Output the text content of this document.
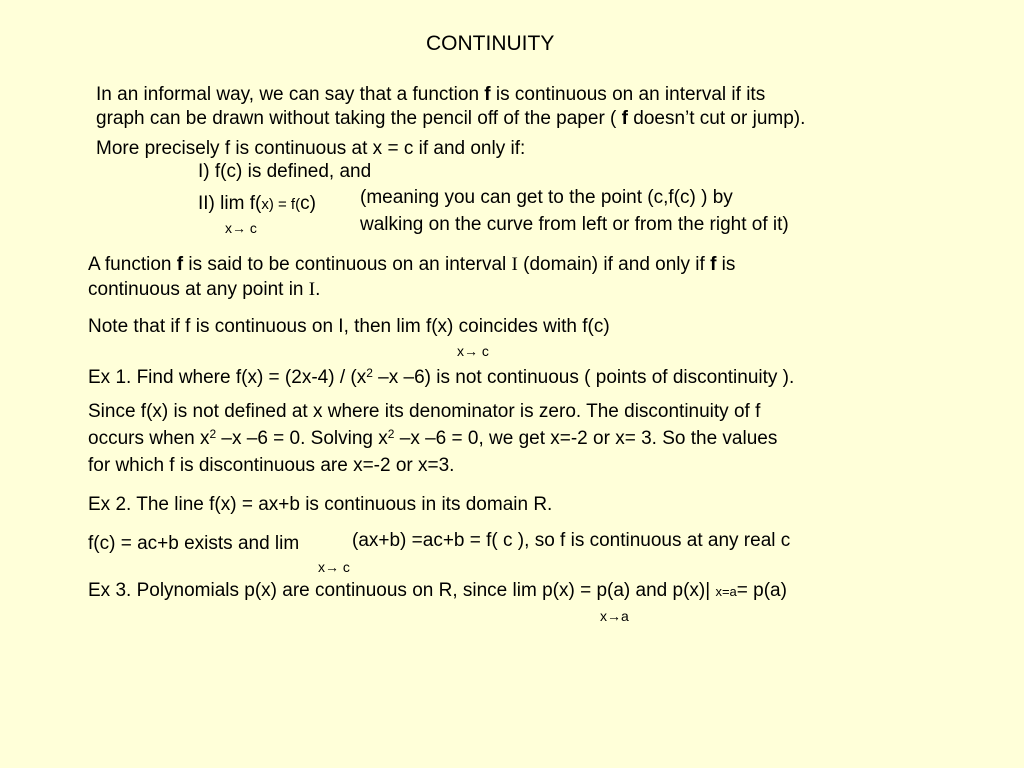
CONTINUITY
In an informal way, we can say that a function f is continuous on an interval if its
graph can be drawn without taking the pencil off of the paper ( f doesn’t cut or jump).
More precisely f is continuous at x = c if and only if:
I) f(c) is defined, and
II) lim f(x) = f(c)
x→ c
(meaning you can get to the point (c,f(c) ) by
walking on the curve from left or from the right of it)
A function f is said to be continuous on an interval I (domain) if and only if f is
continuous at any point in I.
Note that if f is continuous on I, then lim f(x) coincides with f(c)
x→ c
Ex 1. Find where $f(x) = (2x-4) / (x^2$ –x –6) is not continuous ( points of discontinuity ).
Since f(x) is not defined at x where its denominator is zero. The discontinuity of f
occurs when $x^2$ –x –6 = 0. Solving $x^2$ –x –6 = 0, we get x=-2 or x= 3. So the values
for which f is discontinuous are x=-2 or x=3.
Ex 2. The line f(x) = ax+b is continuous in its domain R.
f(c) = ac+b exists and lim	(ax+b) =ac+b = f( c ), so f is continuous at any real c
x→ c
Ex 3. Polynomials p(x) are continuous on R, since lim p(x) = p(a) and p(x)| x=a= p(a)
x→a
